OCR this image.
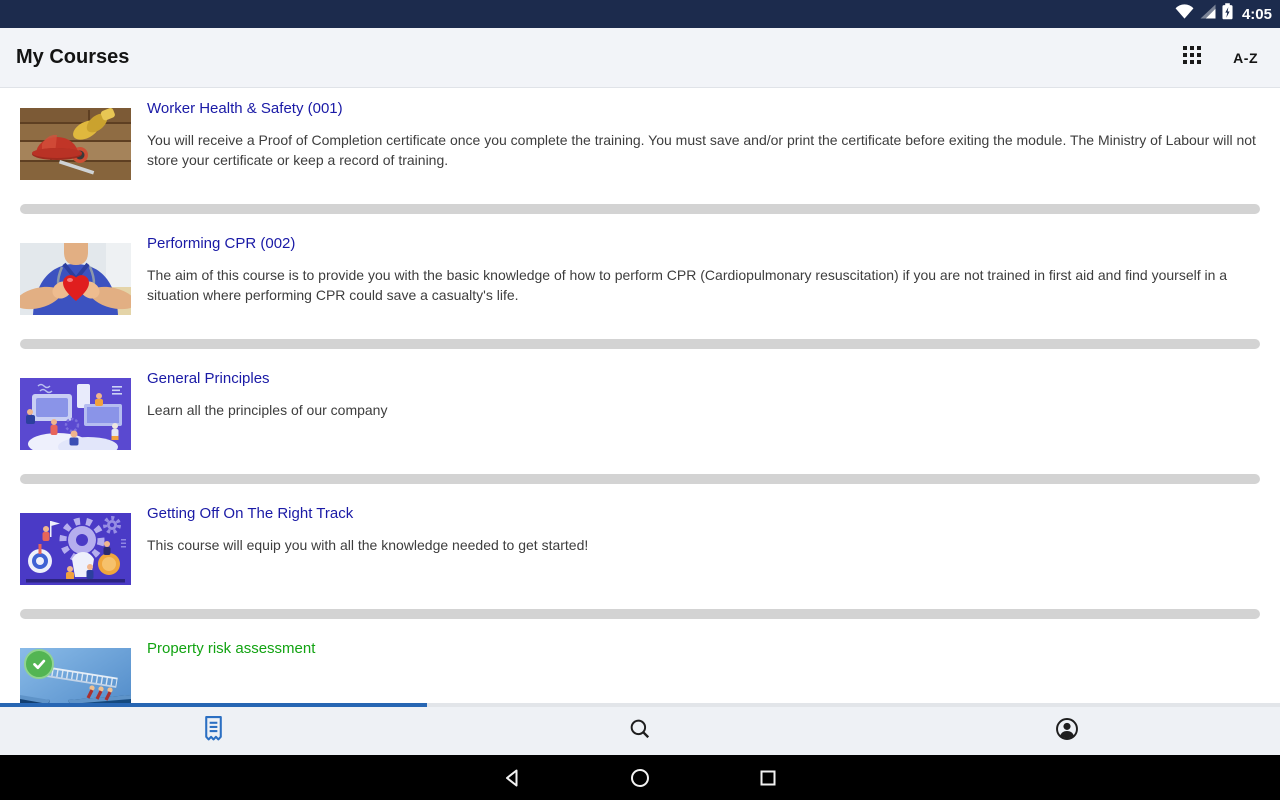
4:05
My Courses	A-Z
Worker Health & Safety (001)
You will receive a Proof of Completion certificate once you complete the training. You must save and/or print the certificate before exiting the module. The Ministry of Labour will not store your certificate or keep a record of training.
Performing CPR (002)
The aim of this course is to provide you with the basic knowledge of how to perform CPR (Cardiopulmonary resuscitation) if you are not trained in first aid and find yourself in a situation where performing CPR could save a casualty's life.
General Principles
Learn all the principles of our company
Getting Off On The Right Track
This course will equip you with all the knowledge needed to get started!
Property risk assessment
